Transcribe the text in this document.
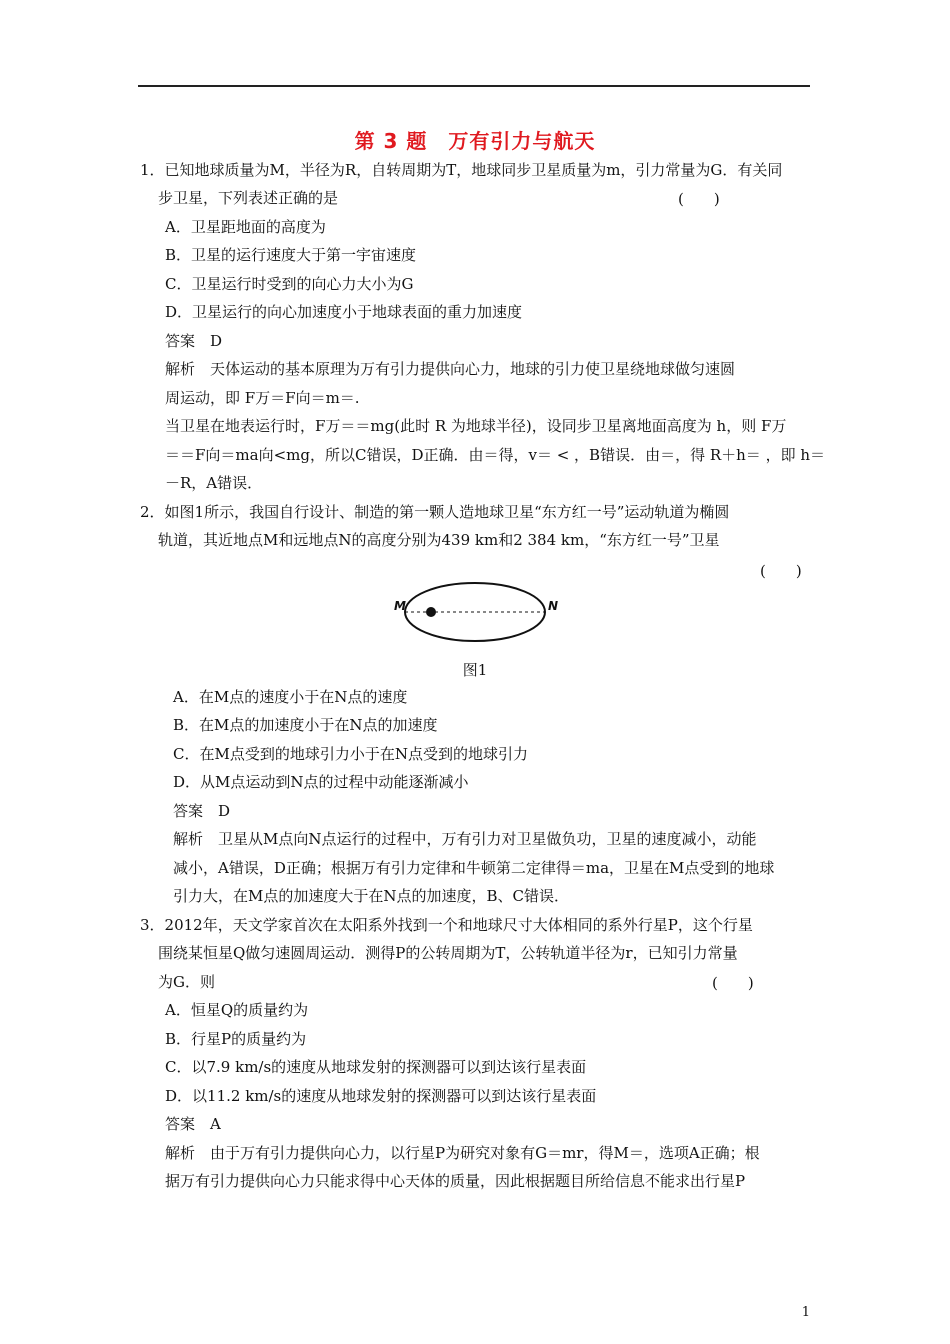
第 3 题　万有引力与航天
1．已知地球质量为M，半径为R，自转周期为T，地球同步卫星质量为m，引力常量为G．有关同
步卫星，下列表述正确的是	(　　)
A．卫星距地面的高度为
B．卫星的运行速度大于第一宇宙速度
C．卫星运行时受到的向心力大小为G
D．卫星运行的向心加速度小于地球表面的重力加速度
答案　D
解析　天体运动的基本原理为万有引力提供向心力，地球的引力使卫星绕地球做匀速圆
周运动，即 F万＝F向＝m＝.
当卫星在地表运行时，F万＝＝mg(此时 R 为地球半径)，设同步卫星离地面高度为 h，则 F万
＝＝F向＝ma向<mg，所以C错误，D正确．由＝得，v＝ < ，B错误．由＝，得 R＋h＝ ，即 h＝
－R，A错误．
2．如图1所示，我国自行设计、制造的第一颗人造地球卫星“东方红一号”运动轨道为椭圆
轨道，其近地点M和远地点N的高度分别为439 km和2 384 km，“东方红一号”卫星
(　　)
M	N
图1
A．在M点的速度小于在N点的速度
B．在M点的加速度小于在N点的加速度
C．在M点受到的地球引力小于在N点受到的地球引力
D．从M点运动到N点的过程中动能逐渐减小
答案　D
解析　卫星从M点向N点运行的过程中，万有引力对卫星做负功，卫星的速度减小，动能
减小，A错误，D正确；根据万有引力定律和牛顿第二定律得＝ma，卫星在M点受到的地球
引力大，在M点的加速度大于在N点的加速度，B、C错误．
3．2012年，天文学家首次在太阳系外找到一个和地球尺寸大体相同的系外行星P，这个行星
围绕某恒星Q做匀速圆周运动．测得P的公转周期为T，公转轨道半径为r，已知引力常量
为G．则	(　　)
A．恒星Q的质量约为
B．行星P的质量约为
C．以7.9 km/s的速度从地球发射的探测器可以到达该行星表面
D．以11.2 km/s的速度从地球发射的探测器可以到达该行星表面
答案　A
解析　由于万有引力提供向心力，以行星P为研究对象有G＝mr，得M＝，选项A正确；根
据万有引力提供向心力只能求得中心天体的质量，因此根据题目所给信息不能求出行星P
1
